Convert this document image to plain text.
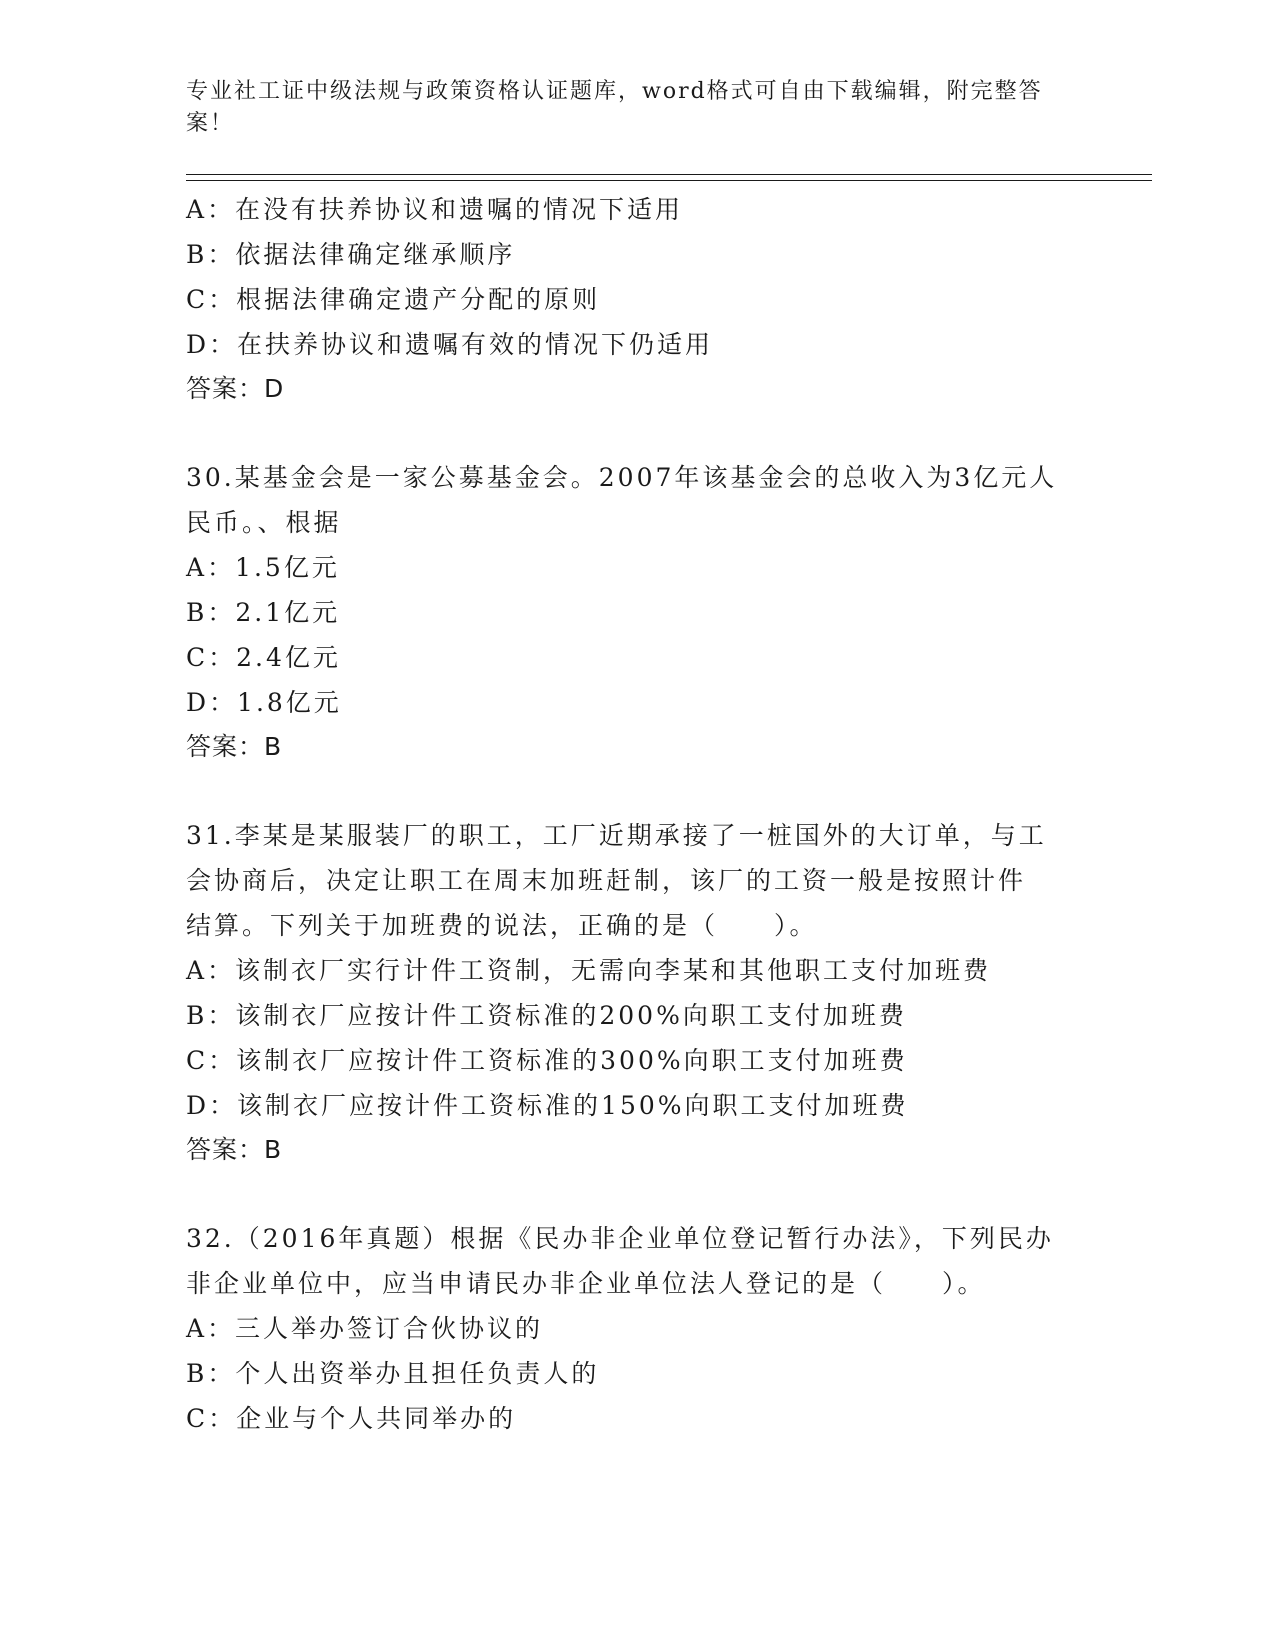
专业社工证中级法规与政策资格认证题库，word格式可自由下载编辑，附完整答案！
A：在没有扶养协议和遗嘱的情况下适用
B：依据法律确定继承顺序
C：根据法律确定遗产分配的原则
D：在扶养协议和遗嘱有效的情况下仍适用
答案：D
30.某基金会是一家公募基金会。2007年该基金会的总收入为3亿元人
民币。、根据
A：1.5亿元
B：2.1亿元
C：2.4亿元
D：1.8亿元
答案：B
31.李某是某服装厂的职工，工厂近期承接了一桩国外的大订单，与工
会协商后，决定让职工在周末加班赶制，该厂的工资一般是按照计件
结算。下列关于加班费的说法，正确的是（　　）。
A：该制衣厂实行计件工资制，无需向李某和其他职工支付加班费
B：该制衣厂应按计件工资标准的200%向职工支付加班费
C：该制衣厂应按计件工资标准的300%向职工支付加班费
D：该制衣厂应按计件工资标准的150%向职工支付加班费
答案：B
32.（2016年真题）根据《民办非企业单位登记暂行办法》，下列民办
非企业单位中，应当申请民办非企业单位法人登记的是（　　）。
A：三人举办签订合伙协议的
B：个人出资举办且担任负责人的
C：企业与个人共同举办的
